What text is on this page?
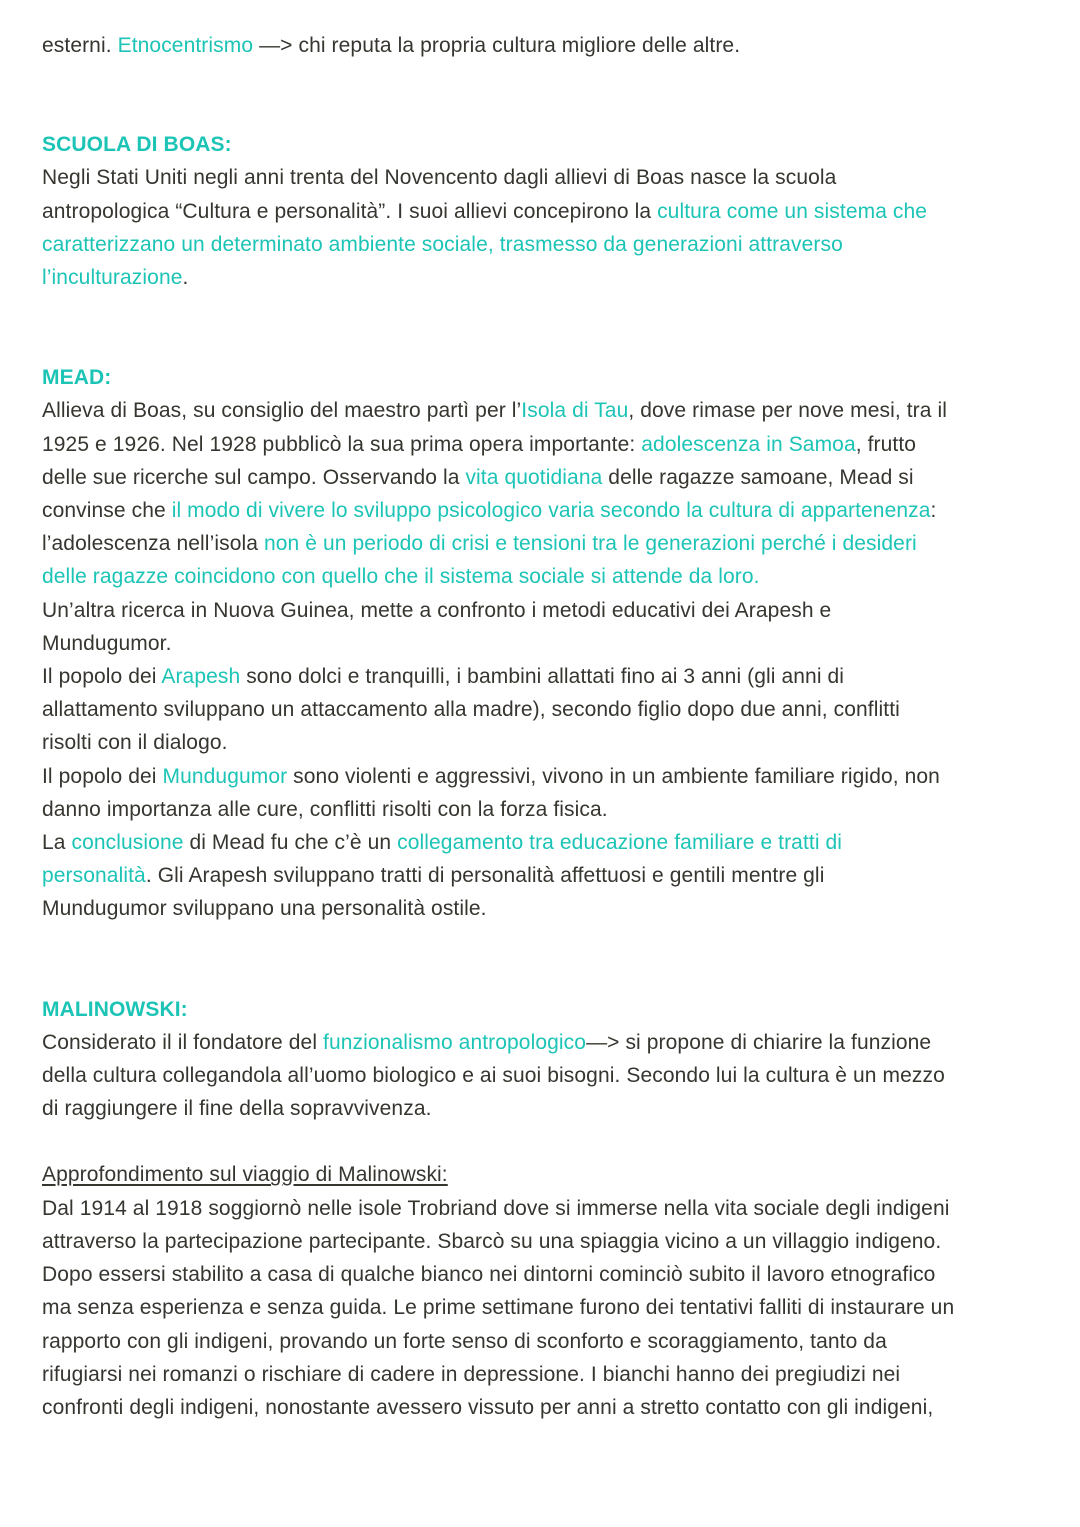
esterni. Etnocentrismo —> chi reputa la propria cultura migliore delle altre.

SCUOLA DI BOAS:

Negli Stati Uniti negli anni trenta del Novencento dagli allievi di Boas nasce la scuola

antropologica “Cultura e personalità”. I suoi allievi concepirono la cultura come un sistema che

caratterizzano un determinato ambiente sociale, trasmesso da generazioni attraverso

l’inculturazione.

MEAD:

Allieva di Boas, su consiglio del maestro partì per l’Isola di Tau, dove rimase per nove mesi, tra il

1925 e 1926. Nel 1928 pubblicò la sua prima opera importante: adolescenza in Samoa, frutto

delle sue ricerche sul campo. Osservando la vita quotidiana delle ragazze samoane, Mead si

convinse che il modo di vivere lo sviluppo psicologico varia secondo la cultura di appartenenza:

l’adolescenza nell’isola non è un periodo di crisi e tensioni tra le generazioni perché i desideri

delle ragazze coincidono con quello che il sistema sociale si attende da loro.

Un’altra ricerca in Nuova Guinea, mette a confronto i metodi educativi dei Arapesh e

Mundugumor.

Il popolo dei Arapesh sono dolci e tranquilli, i bambini allattati fino ai 3 anni (gli anni di

allattamento sviluppano un attaccamento alla madre), secondo figlio dopo due anni, conflitti

risolti con il dialogo.

Il popolo dei Mundugumor sono violenti e aggressivi, vivono in un ambiente familiare rigido, non

danno importanza alle cure, conflitti risolti con la forza fisica.

La conclusione di Mead fu che c’è un collegamento tra educazione familiare e tratti di

personalità. Gli Arapesh sviluppano tratti di personalità affettuosi e gentili mentre gli

Mundugumor sviluppano una personalità ostile.

MALINOWSKI:

Considerato il il fondatore del funzionalismo antropologico—> si propone di chiarire la funzione

della cultura collegandola all’uomo biologico e ai suoi bisogni. Secondo lui la cultura è un mezzo

di raggiungere il fine della sopravvivenza.

Approfondimento sul viaggio di Malinowski:

Dal 1914 al 1918 soggiornò nelle isole Trobriand dove si immerse nella vita sociale degli indigeni

attraverso la partecipazione partecipante. Sbarcò su una spiaggia vicino a un villaggio indigeno.

Dopo essersi stabilito a casa di qualche bianco nei dintorni cominciò subito il lavoro etnografico

ma senza esperienza e senza guida. Le prime settimane furono dei tentativi falliti di instaurare un

rapporto con gli indigeni, provando un forte senso di sconforto e scoraggiamento, tanto da

rifugiarsi nei romanzi o rischiare di cadere in depressione. I bianchi hanno dei pregiudizi nei

confronti degli indigeni, nonostante avessero vissuto per anni a stretto contatto con gli indigeni,
